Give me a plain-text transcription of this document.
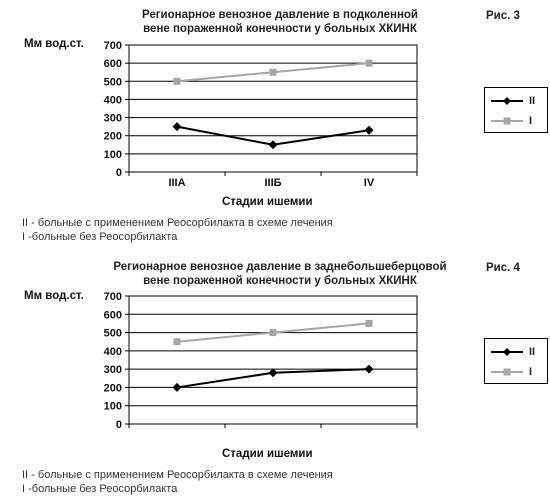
Регионарное венозное давление в подколенной
вене пораженной конечности у больных ХКИНК
Рис. 3
Мм вод.ст.
0
100
200
300
400
500
600
700
IIIA	IIIБ	IV
Стадии ишемии
II
I
II - больные с применением Реосорбилакта в схеме лечения
I -больные без Реосорбилакта
Регионарное венозное давление в заднебольшеберцовой
вене пораженной конечности у больных ХКИНК
Рис. 4
Мм вод.ст.
0
100
200
300
400
500
600
700
Стадии ишемии
II
I
II - больные с применением Реосорбилакта в схеме лечения
I -больные без Реосорбилакта
